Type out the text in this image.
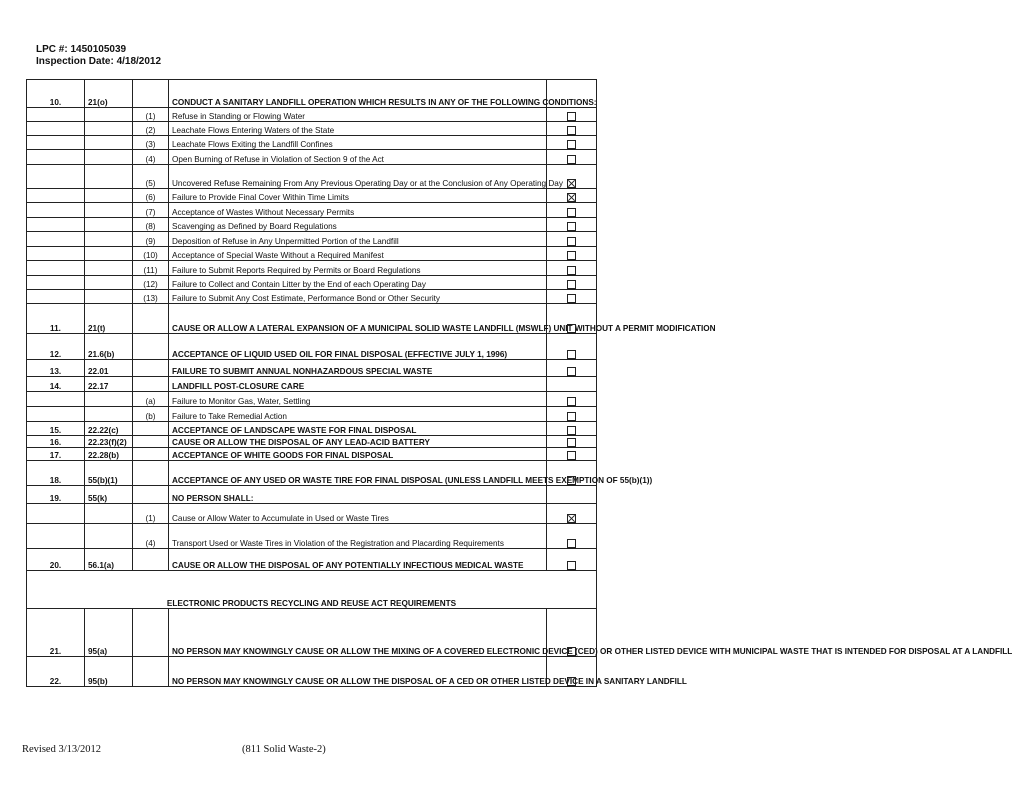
LPC #: 1450105039
Inspection Date: 4/18/2012
10.	21(o)		CONDUCT A SANITARY LANDFILL OPERATION WHICH RESULTS IN ANY OF THE FOLLOWING CONDITIONS:	
		(1)	Refuse in Standing or Flowing Water	
		(2)	Leachate Flows Entering Waters of the State	
		(3)	Leachate Flows Exiting the Landfill Confines	
		(4)	Open Burning of Refuse in Violation of Section 9 of the Act	
		(5)	Uncovered Refuse Remaining From Any Previous Operating Day or at the Conclusion of Any Operating Day	
		(6)	Failure to Provide Final Cover Within Time Limits	
		(7)	Acceptance of Wastes Without Necessary Permits	
		(8)	Scavenging as Defined by Board Regulations	
		(9)	Deposition of Refuse in Any Unpermitted Portion of the Landfill	
		(10)	Acceptance of Special Waste Without a Required Manifest	
		(11)	Failure to Submit Reports Required by Permits or Board Regulations	
		(12)	Failure to Collect and Contain Litter by the End of each Operating Day	
		(13)	Failure to Submit Any Cost Estimate, Performance Bond or Other Security	
11.	21(t)		CAUSE OR ALLOW A LATERAL EXPANSION OF A MUNICIPAL SOLID WASTE LANDFILL (MSWLF) UNIT WITHOUT A PERMIT MODIFICATION	
12.	21.6(b)		ACCEPTANCE OF LIQUID USED OIL FOR FINAL DISPOSAL (EFFECTIVE JULY 1, 1996)	
13.	22.01		FAILURE TO SUBMIT ANNUAL NONHAZARDOUS SPECIAL WASTE	
14.	22.17		LANDFILL POST-CLOSURE CARE	
		(a)	Failure to Monitor Gas, Water, Settling	
		(b)	Failure to Take Remedial Action	
15.	22.22(c)		ACCEPTANCE OF LANDSCAPE WASTE FOR FINAL DISPOSAL	
16.	22.23(f)(2)		CAUSE OR ALLOW THE DISPOSAL OF ANY LEAD-ACID BATTERY	
17.	22.28(b)		ACCEPTANCE OF WHITE GOODS FOR FINAL DISPOSAL	
18.	55(b)(1)		ACCEPTANCE OF ANY USED OR WASTE TIRE FOR FINAL DISPOSAL (UNLESS LANDFILL MEETS EXEMPTION OF 55(b)(1))	
19.	55(k)		NO PERSON SHALL:	
		(1)	Cause or Allow Water to Accumulate in Used or Waste Tires	
		(4)	Transport Used or Waste Tires in Violation of the Registration and Placarding Requirements	
20.	56.1(a)		CAUSE OR ALLOW THE DISPOSAL OF ANY POTENTIALLY INFECTIOUS MEDICAL WASTE	
ELECTRONIC PRODUCTS RECYCLING AND REUSE ACT REQUIREMENTS				
21.	95(a)		NO PERSON MAY KNOWINGLY CAUSE OR ALLOW THE MIXING OF A COVERED ELECTRONIC DEVICE (CED) OR OTHER LISTED DEVICE WITH MUNICIPAL WASTE THAT IS INTENDED FOR DISPOSAL AT A LANDFILL	
22.	95(b)		NO PERSON MAY KNOWINGLY CAUSE OR ALLOW THE DISPOSAL OF A CED OR OTHER LISTED DEVICE IN A SANITARY LANDFILL	
Revised 3/13/2012	(811 Solid Waste-2)
